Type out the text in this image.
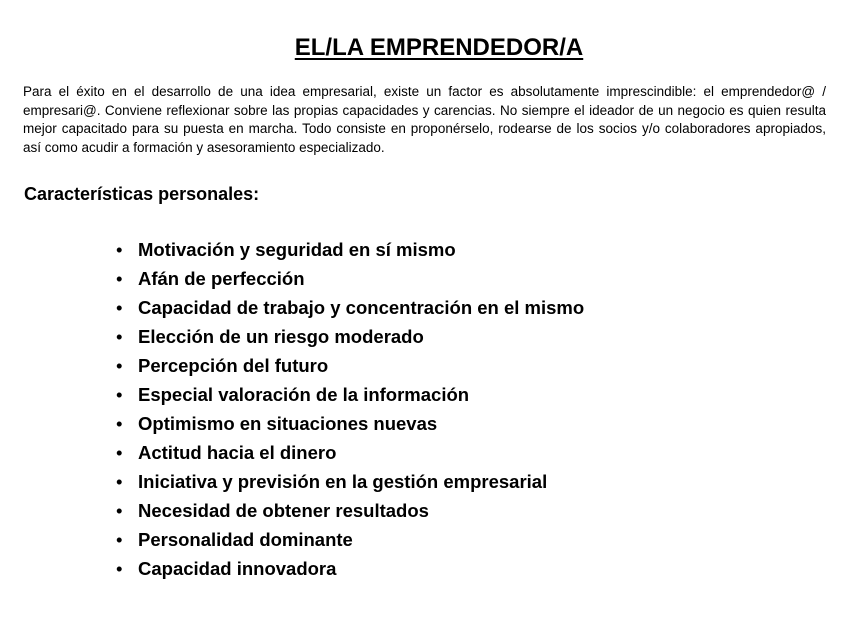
EL/LA EMPRENDEDOR/A

Para el éxito en el desarrollo de una idea empresarial, existe un factor es absolutamente imprescindible: el emprendedor@ / empresari@. Conviene reflexionar sobre las propias capacidades y carencias. No siempre el ideador de un negocio es quien resulta mejor capacitado para su puesta en marcha. Todo consiste en proponérselo, rodearse de los socios y/o colaboradores apropiados, así como acudir a formación y asesoramiento especializado.

Características personales:
• Motivación y seguridad en sí mismo
• Afán de perfección
• Capacidad de trabajo y concentración en el mismo
• Elección de un riesgo moderado
• Percepción del futuro
• Especial valoración de la información
• Optimismo en situaciones nuevas
• Actitud hacia el dinero
• Iniciativa y previsión en la gestión empresarial
• Necesidad de obtener resultados
• Personalidad dominante
• Capacidad innovadora
